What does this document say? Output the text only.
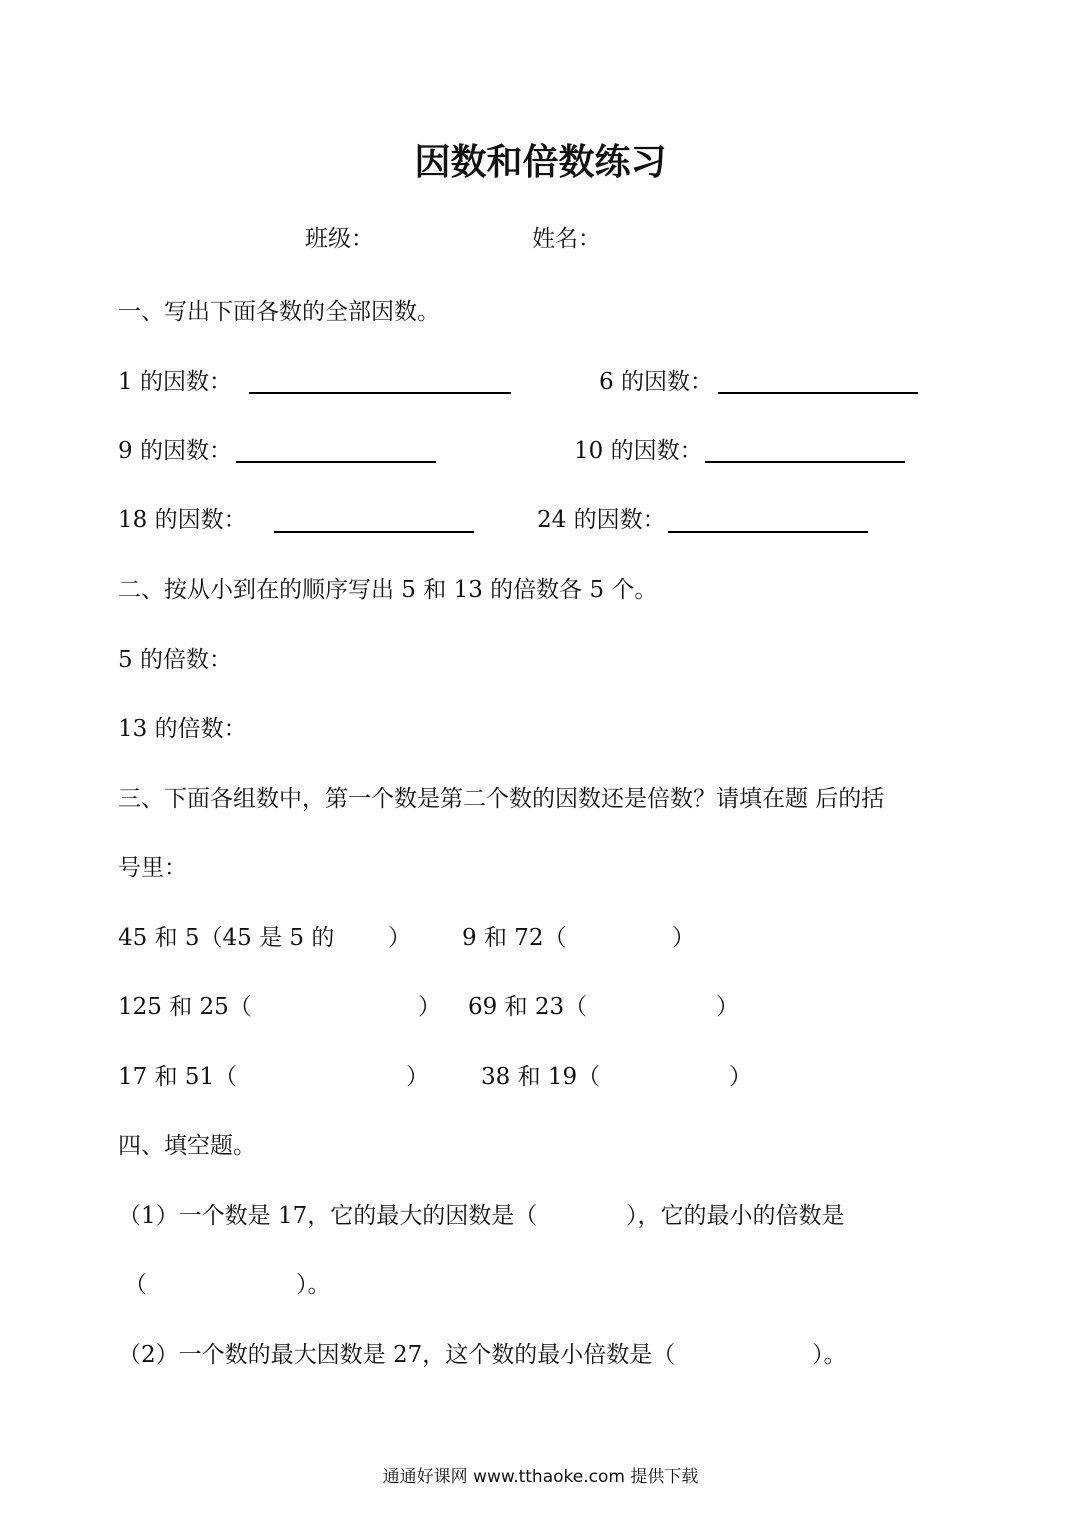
因数和倍数练习
班级：	姓名：
一、写出下面各数的全部因数。
1 的因数：	6 的因数：
9 的因数：	10 的因数：
18 的因数：	24 的因数：
二、按从小到在的顺序写出 5 和 13 的倍数各 5 个。
5 的倍数：
13 的倍数：
三、下面各组数中，第一个数是第二个数的因数还是倍数？请填在题 后的括
号里：
45 和 5（45 是 5 的 ） 9 和 72（	）
125 和 25（	） 69 和 23（	）
17 和 51（	） 38 和 19（	）
四、填空题。
（1）一个数是 17，它的最大的因数是（	），它的最小的倍数是
（	）。
（2）一个数的最大因数是 27，这个数的最小倍数是（	）。
通通好课网 www.tthaoke.com 提供下载
